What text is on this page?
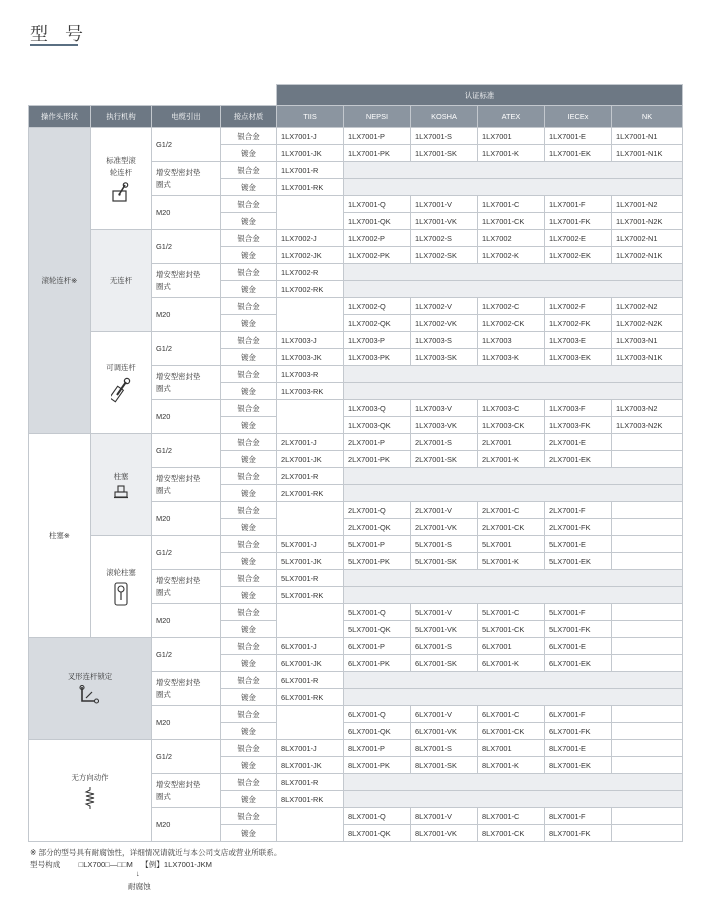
型 号
				认证标准					
操作头形状	执行机构	电缆引出	接点材质	TIIS	NEPSI	KOSHA	ATEX	IECEx	NK
滚轮连杆※	标准型滚轮连杆	G1/2	银合金	1LX7001-J	1LX7001-P	1LX7001-S	1LX7001	1LX7001-E	1LX7001-N1
			镀金	1LX7001-JK	1LX7001-PK	1LX7001-SK	1LX7001-K	1LX7001-EK	1LX7001-N1K
		增安型密封垫圈式	银合金	1LX7001-R					
			镀金	1LX7001-RK					
		M20	银合金		1LX7001-Q	1LX7001-V	1LX7001-C	1LX7001-F	1LX7001-N2
			镀金		1LX7001-QK	1LX7001-VK	1LX7001-CK	1LX7001-FK	1LX7001-N2K
	无连杆	G1/2	银合金	1LX7002-J	1LX7002-P	1LX7002-S	1LX7002	1LX7002-E	1LX7002-N1
			镀金	1LX7002-JK	1LX7002-PK	1LX7002-SK	1LX7002-K	1LX7002-EK	1LX7002-N1K
		增安型密封垫圈式	银合金	1LX7002-R					
			镀金	1LX7002-RK					
		M20	银合金		1LX7002-Q	1LX7002-V	1LX7002-C	1LX7002-F	1LX7002-N2
			镀金		1LX7002-QK	1LX7002-VK	1LX7002-CK	1LX7002-FK	1LX7002-N2K
	可调连杆	G1/2	银合金	1LX7003-J	1LX7003-P	1LX7003-S	1LX7003	1LX7003-E	1LX7003-N1
			镀金	1LX7003-JK	1LX7003-PK	1LX7003-SK	1LX7003-K	1LX7003-EK	1LX7003-N1K
		增安型密封垫圈式	银合金	1LX7003-R					
			镀金	1LX7003-RK					
		M20	银合金		1LX7003-Q	1LX7003-V	1LX7003-C	1LX7003-F	1LX7003-N2
			镀金		1LX7003-QK	1LX7003-VK	1LX7003-CK	1LX7003-FK	1LX7003-N2K
柱塞※	柱塞	G1/2	银合金	2LX7001-J	2LX7001-P	2LX7001-S	2LX7001	2LX7001-E	
			镀金	2LX7001-JK	2LX7001-PK	2LX7001-SK	2LX7001-K	2LX7001-EK	
		增安型密封垫圈式	银合金	2LX7001-R					
			镀金	2LX7001-RK					
		M20	银合金		2LX7001-Q	2LX7001-V	2LX7001-C	2LX7001-F	
			镀金		2LX7001-QK	2LX7001-VK	2LX7001-CK	2LX7001-FK	
	滚轮柱塞	G1/2	银合金	5LX7001-J	5LX7001-P	5LX7001-S	5LX7001	5LX7001-E	
			镀金	5LX7001-JK	5LX7001-PK	5LX7001-SK	5LX7001-K	5LX7001-EK	
		增安型密封垫圈式	银合金	5LX7001-R					
			镀金	5LX7001-RK					
		M20	银合金		5LX7001-Q	5LX7001-V	5LX7001-C	5LX7001-F	
			镀金		5LX7001-QK	5LX7001-VK	5LX7001-CK	5LX7001-FK	
叉形连杆锁定		G1/2	银合金	6LX7001-J	6LX7001-P	6LX7001-S	6LX7001	6LX7001-E	
			镀金	6LX7001-JK	6LX7001-PK	6LX7001-SK	6LX7001-K	6LX7001-EK	
		增安型密封垫圈式	银合金	6LX7001-R					
			镀金	6LX7001-RK					
		M20	银合金		6LX7001-Q	6LX7001-V	6LX7001-C	6LX7001-F	
			镀金		6LX7001-QK	6LX7001-VK	6LX7001-CK	6LX7001-FK	
无方向动作		G1/2	银合金	8LX7001-J	8LX7001-P	8LX7001-S	8LX7001	8LX7001-E	
			镀金	8LX7001-JK	8LX7001-PK	8LX7001-SK	8LX7001-K	8LX7001-EK	
		增安型密封垫圈式	银合金	8LX7001-R					
			镀金	8LX7001-RK					
		M20	银合金		8LX7001-Q	8LX7001-V	8LX7001-C	8LX7001-F	
			镀金		8LX7001-QK	8LX7001-VK	8LX7001-CK	8LX7001-FK	
※ 部分的型号具有耐腐蚀性，详细情况请就近与本公司支店或营业所联系。
型号构成 □LX700□—□□M 【例】1LX7001-JKM
↓
耐腐蚀
